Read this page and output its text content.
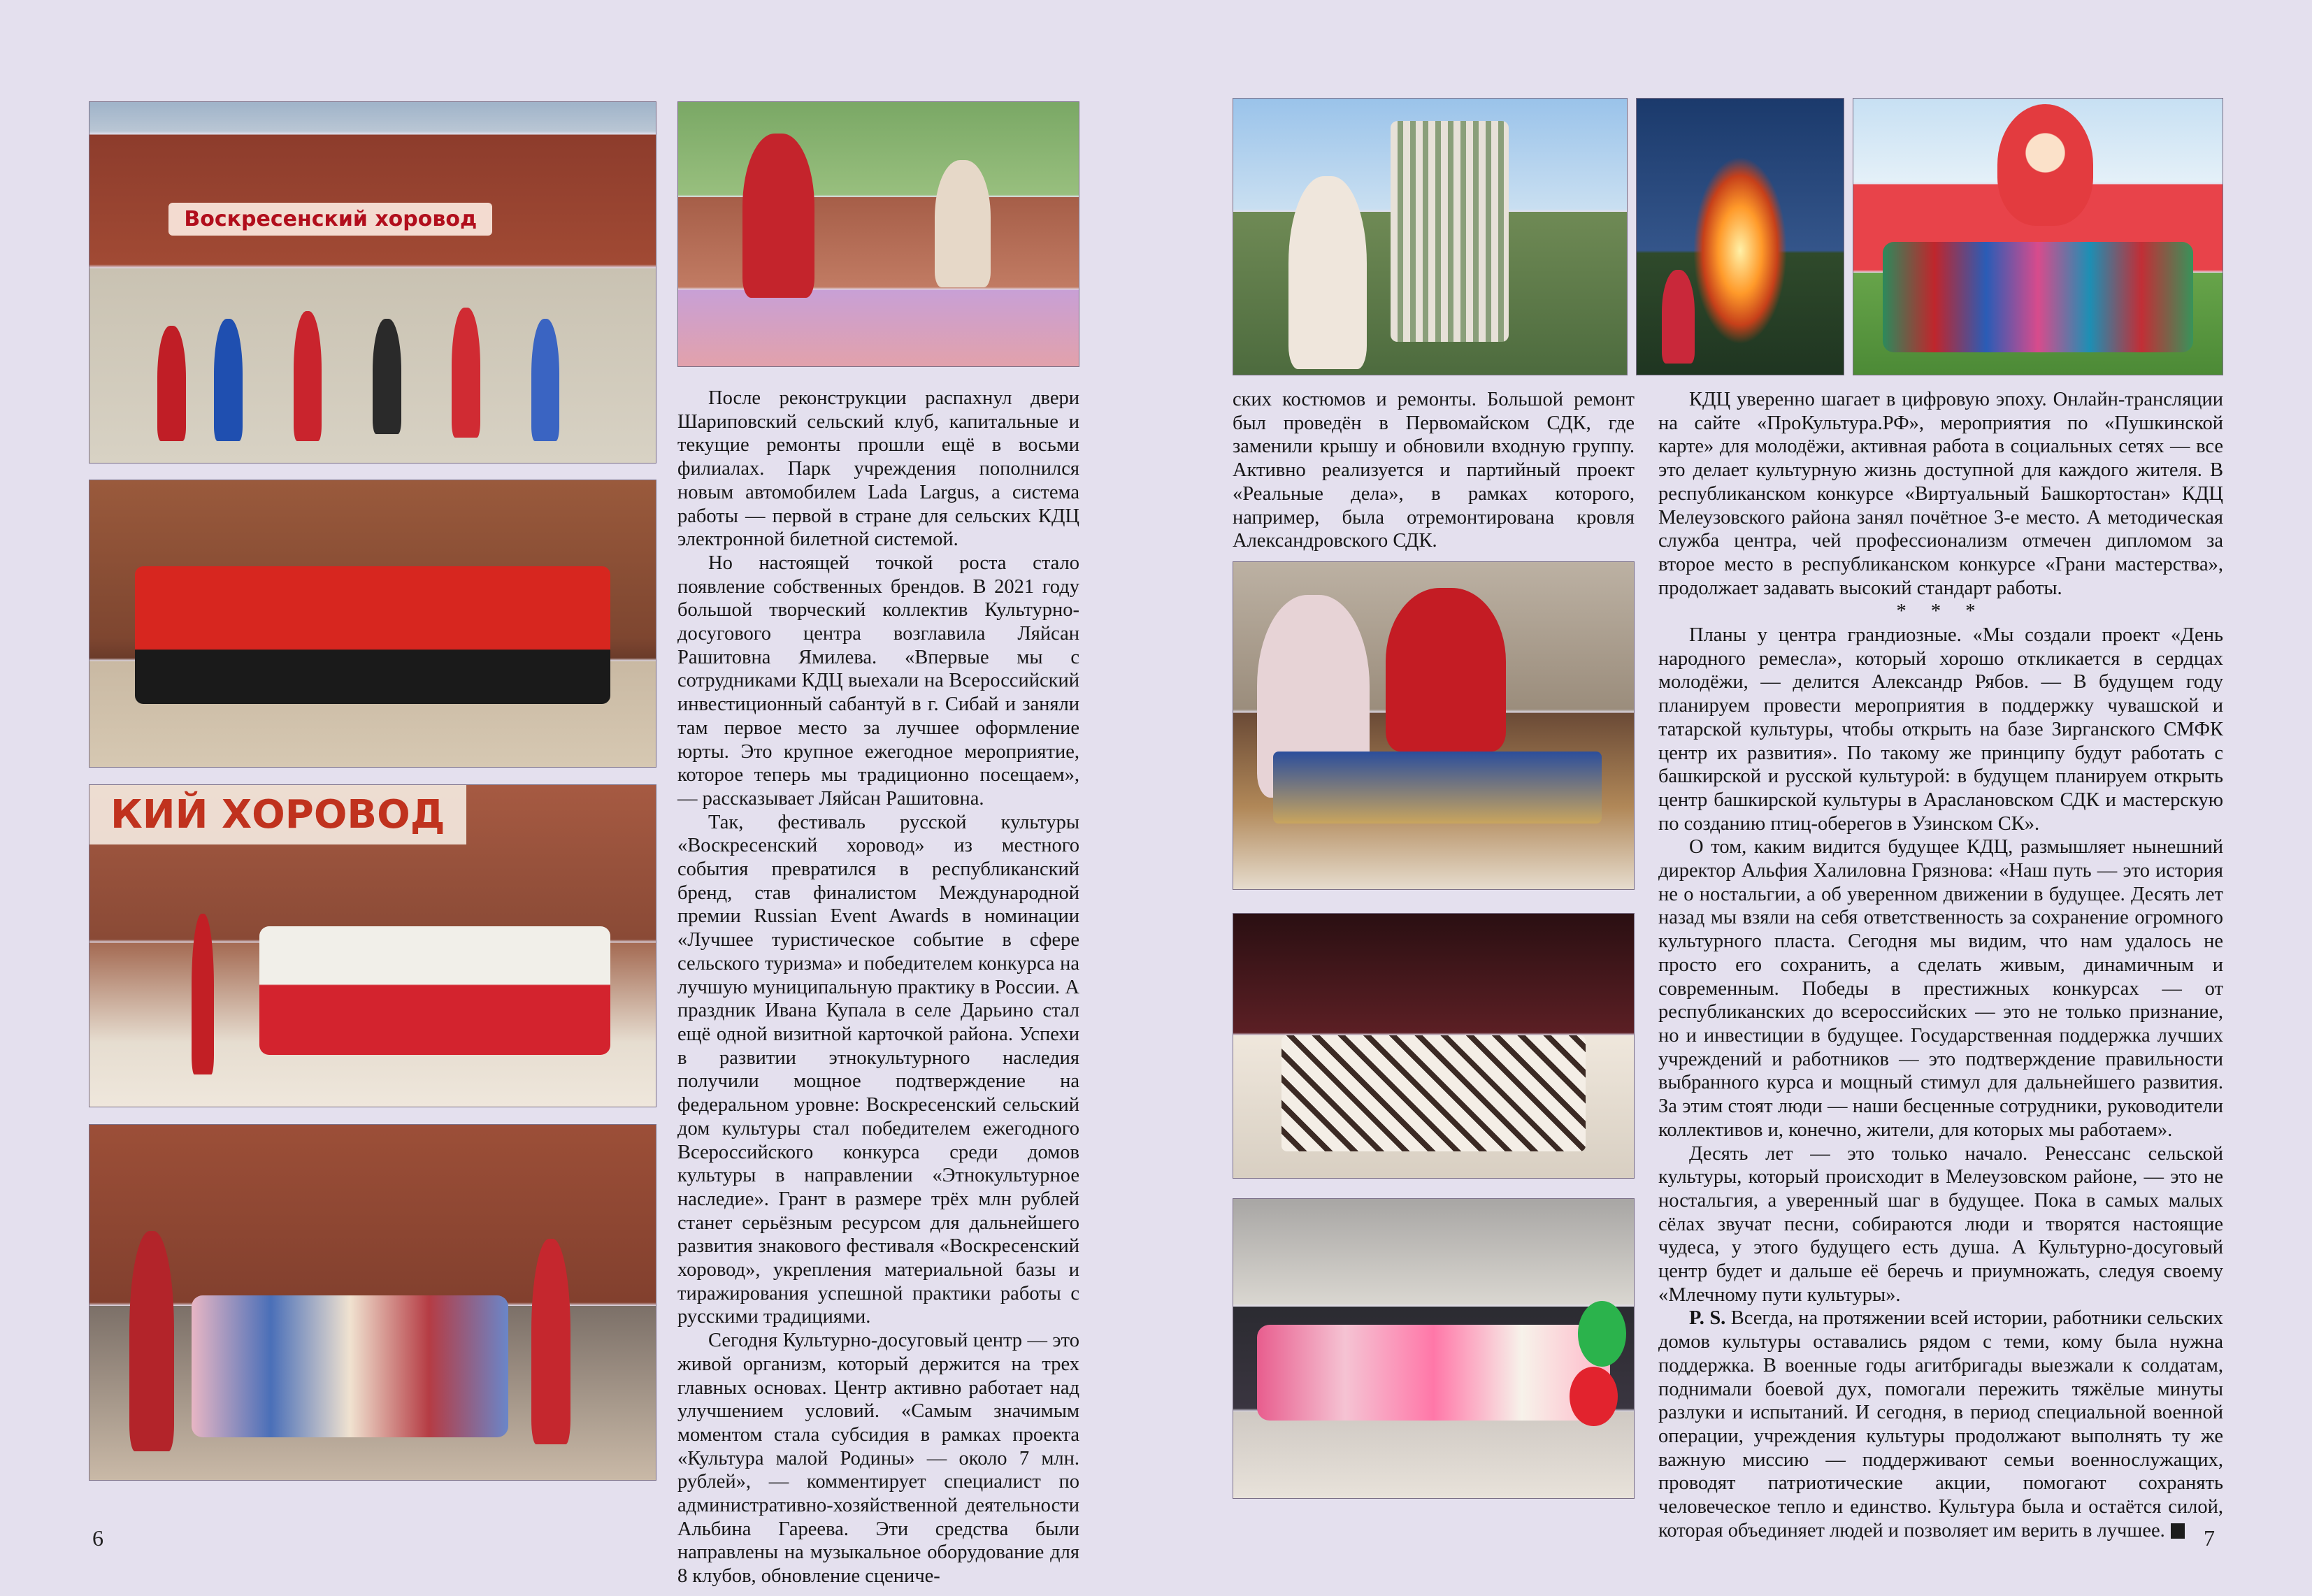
Воскресенский хоровод
КИЙ ХОРОВОД

После реконструкции распахнул двери Шариповский сельский клуб, капитальные и текущие ремонты прошли ещё в восьми филиалах. Парк учреждения пополнился новым автомобилем Lada Largus, а система работы — первой в стране для сельских КДЦ электронной билетной системой.

Но настоящей точкой роста стало появление собственных брендов. В 2021 году большой творческий коллектив Культурно-досугового центра возглавила Ляйсан Рашитовна Ямилева. «Впервые мы с сотрудниками КДЦ выехали на Всероссийский инвестиционный сабантуй в г. Сибай и заняли там первое место за лучшее оформление юрты. Это крупное ежегодное мероприятие, которое теперь мы традиционно посещаем», — рассказывает Ляйсан Рашитовна.

Так, фестиваль русской культуры «Воскресенский хоровод» из местного события превратился в республиканский бренд, став финалистом Международной премии Russian Event Awards в номинации «Лучшее туристическое событие в сфере сельского туризма» и победителем конкурса на лучшую муниципальную практику в России. А праздник Ивана Купала в селе Дарьино стал ещё одной визитной карточкой района. Успехи в развитии этнокультурного наследия получили мощное подтверждение на федеральном уровне: Воскресенский сельский дом культуры стал победителем ежегодного Всероссийского конкурса среди домов культуры в направлении «Этнокультурное наследие». Грант в размере трёх млн рублей станет серьёзным ресурсом для дальнейшего развития знакового фестиваля «Воскресенский хоровод», укрепления материальной базы и тиражирования успешной практики работы с русскими традициями.

Сегодня Культурно-досуговый центр — это живой организм, который держится на трех главных основах. Центр активно работает над улучшением условий. «Самым значимым моментом стала субсидия в рамках проекта «Культура малой Родины» — около 7 млн. рублей», — комментирует специалист по административно-хозяйственной деятельности Альбина Гареева. Эти средства были направлены на музыкальное оборудование для 8 клубов, обновление сцениче-

6

ских костюмов и ремонты. Большой ремонт был проведён в Первомайском СДК, где заменили крышу и обновили входную группу. Активно реализуется и партийный проект «Реальные дела», в рамках которого, например, была отремонтирована кровля Александровского СДК.

КДЦ уверенно шагает в цифровую эпоху. Онлайн-трансляции на сайте «ПроКультура.РФ», мероприятия по «Пушкинской карте» для молодёжи, активная работа в социальных сетях — все это делает культурную жизнь доступной для каждого жителя. В республиканском конкурсе «Виртуальный Башкортостан» КДЦ Мелеузовского района занял почётное 3-е место. А методическая служба центра, чей профессионализм отмечен дипломом за второе место в республиканском конкурсе «Грани мастерства», продолжает задавать высокий стандарт работы.

* * *

Планы у центра грандиозные. «Мы создали проект «День народного ремесла», который хорошо откликается в сердцах молодёжи, — делится Александр Рябов. — В будущем году планируем провести мероприятия в поддержку чувашской и татарской культуры, чтобы открыть на базе Зирганского СМФК центр их развития». По такому же принципу будут работать с башкирской и русской культурой: в будущем планируем открыть центр башкирской культуры в Араслановском СДК и мастерскую по созданию птиц-оберегов в Узинском СК».

О том, каким видится будущее КДЦ, размышляет нынешний директор Альфия Халиловна Грязнова: «Наш путь — это история не о ностальгии, а об уверенном движении в будущее. Десять лет назад мы взяли на себя ответственность за сохранение огромного культурного пласта. Сегодня мы видим, что нам удалось не просто его сохранить, а сделать живым, динамичным и современным. Победы в престижных конкурсах — от республиканских до всероссийских — это не только признание, но и инвестиции в будущее. Государственная поддержка лучших учреждений и работников — это подтверждение правильности выбранного курса и мощный стимул для дальнейшего развития. За этим стоят люди — наши бесценные сотрудники, руководители коллективов и, конечно, жители, для которых мы работаем».

Десять лет — это только начало. Ренессанс сельской культуры, который происходит в Мелеузовском районе, — это не ностальгия, а уверенный шаг в будущее. Пока в самых малых сёлах звучат песни, собираются люди и творятся настоящие чудеса, у этого будущего есть душа. А Культурно-досуговый центр будет и дальше её беречь и приумножать, следуя своему «Млечному пути культуры».

P. S. Всегда, на протяжении всей истории, работники сельских домов культуры оставались рядом с теми, кому была нужна поддержка. В военные годы агитбригады выезжали к солдатам, поднимали боевой дух, помогали пережить тяжёлые минуты разлуки и испытаний. И сегодня, в период специальной военной операции, учреждения культуры продолжают выполнять ту же важную миссию — поддерживают семьи военнослужащих, проводят патриотические акции, помогают сохранять человеческое тепло и единство. Культура была и остаётся силой, которая объединяет людей и позволяет им верить в лучшее.	7
